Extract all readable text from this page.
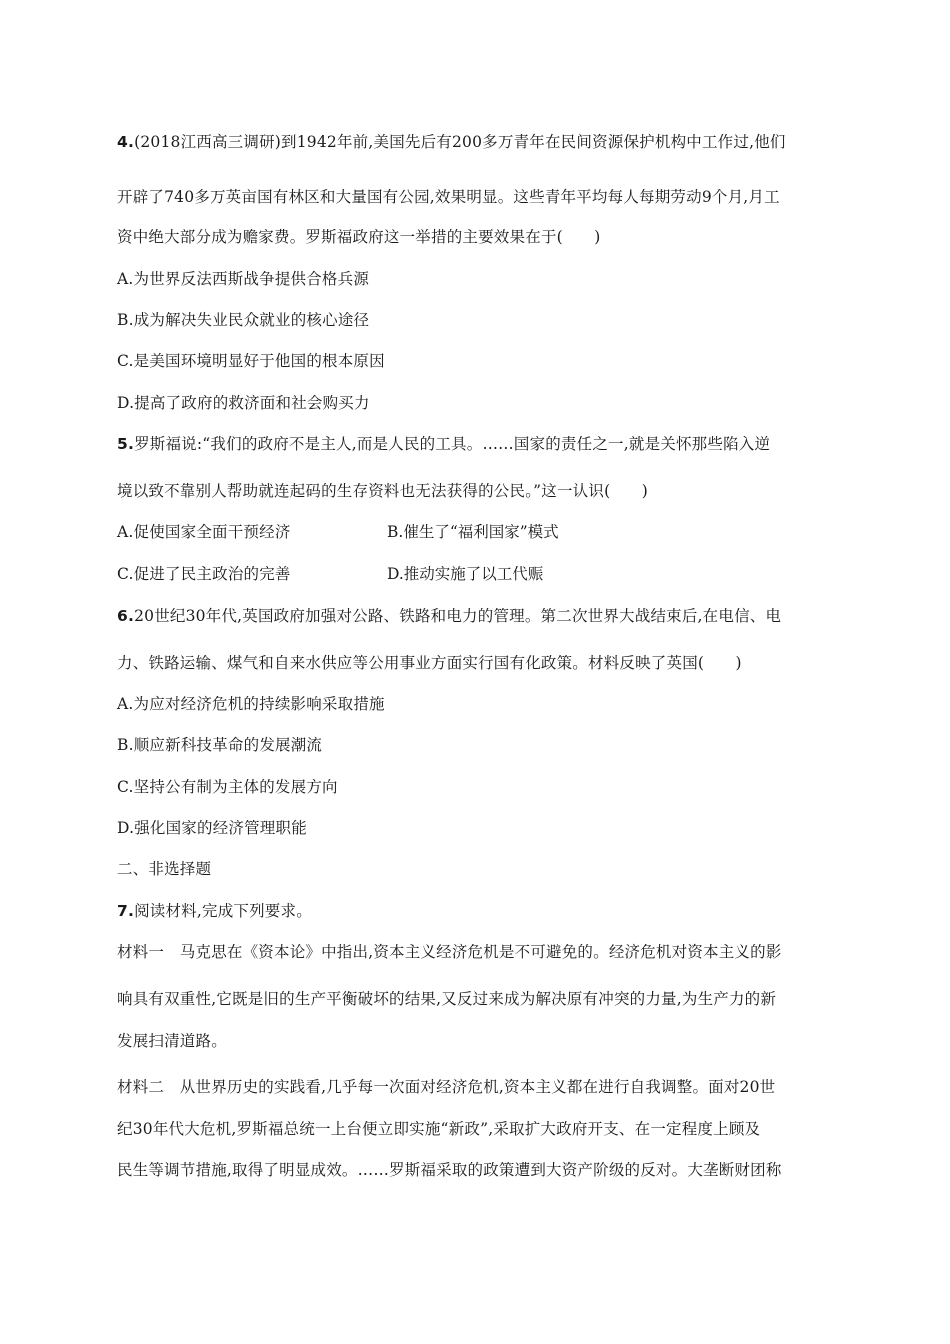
4.(2018江西高三调研)到1942年前,美国先后有200多万青年在民间资源保护机构中工作过,他们
开辟了740多万英亩国有林区和大量国有公园,效果明显。这些青年平均每人每期劳动9个月,月工
资中绝大部分成为赡家费。罗斯福政府这一举措的主要效果在于(　　)
A.为世界反法西斯战争提供合格兵源
B.成为解决失业民众就业的核心途径
C.是美国环境明显好于他国的根本原因
D.提高了政府的救济面和社会购买力
5.罗斯福说:“我们的政府不是主人,而是人民的工具。……国家的责任之一,就是关怀那些陷入逆
境以致不靠别人帮助就连起码的生存资料也无法获得的公民。”这一认识(　　)
A.促使国家全面干预经济	B.催生了“福利国家”模式
C.促进了民主政治的完善	D.推动实施了以工代赈
6.20世纪30年代,英国政府加强对公路、铁路和电力的管理。第二次世界大战结束后,在电信、电
力、铁路运输、煤气和自来水供应等公用事业方面实行国有化政策。材料反映了英国(　　)
A.为应对经济危机的持续影响采取措施
B.顺应新科技革命的发展潮流
C.坚持公有制为主体的发展方向
D.强化国家的经济管理职能
二、非选择题
7.阅读材料,完成下列要求。
材料一　马克思在《资本论》中指出,资本主义经济危机是不可避免的。经济危机对资本主义的影
响具有双重性,它既是旧的生产平衡破坏的结果,又反过来成为解决原有冲突的力量,为生产力的新
发展扫清道路。
材料二　从世界历史的实践看,几乎每一次面对经济危机,资本主义都在进行自我调整。面对20世
纪30年代大危机,罗斯福总统一上台便立即实施“新政”,采取扩大政府开支、在一定程度上顾及
民生等调节措施,取得了明显成效。……罗斯福采取的政策遭到大资产阶级的反对。大垄断财团称
